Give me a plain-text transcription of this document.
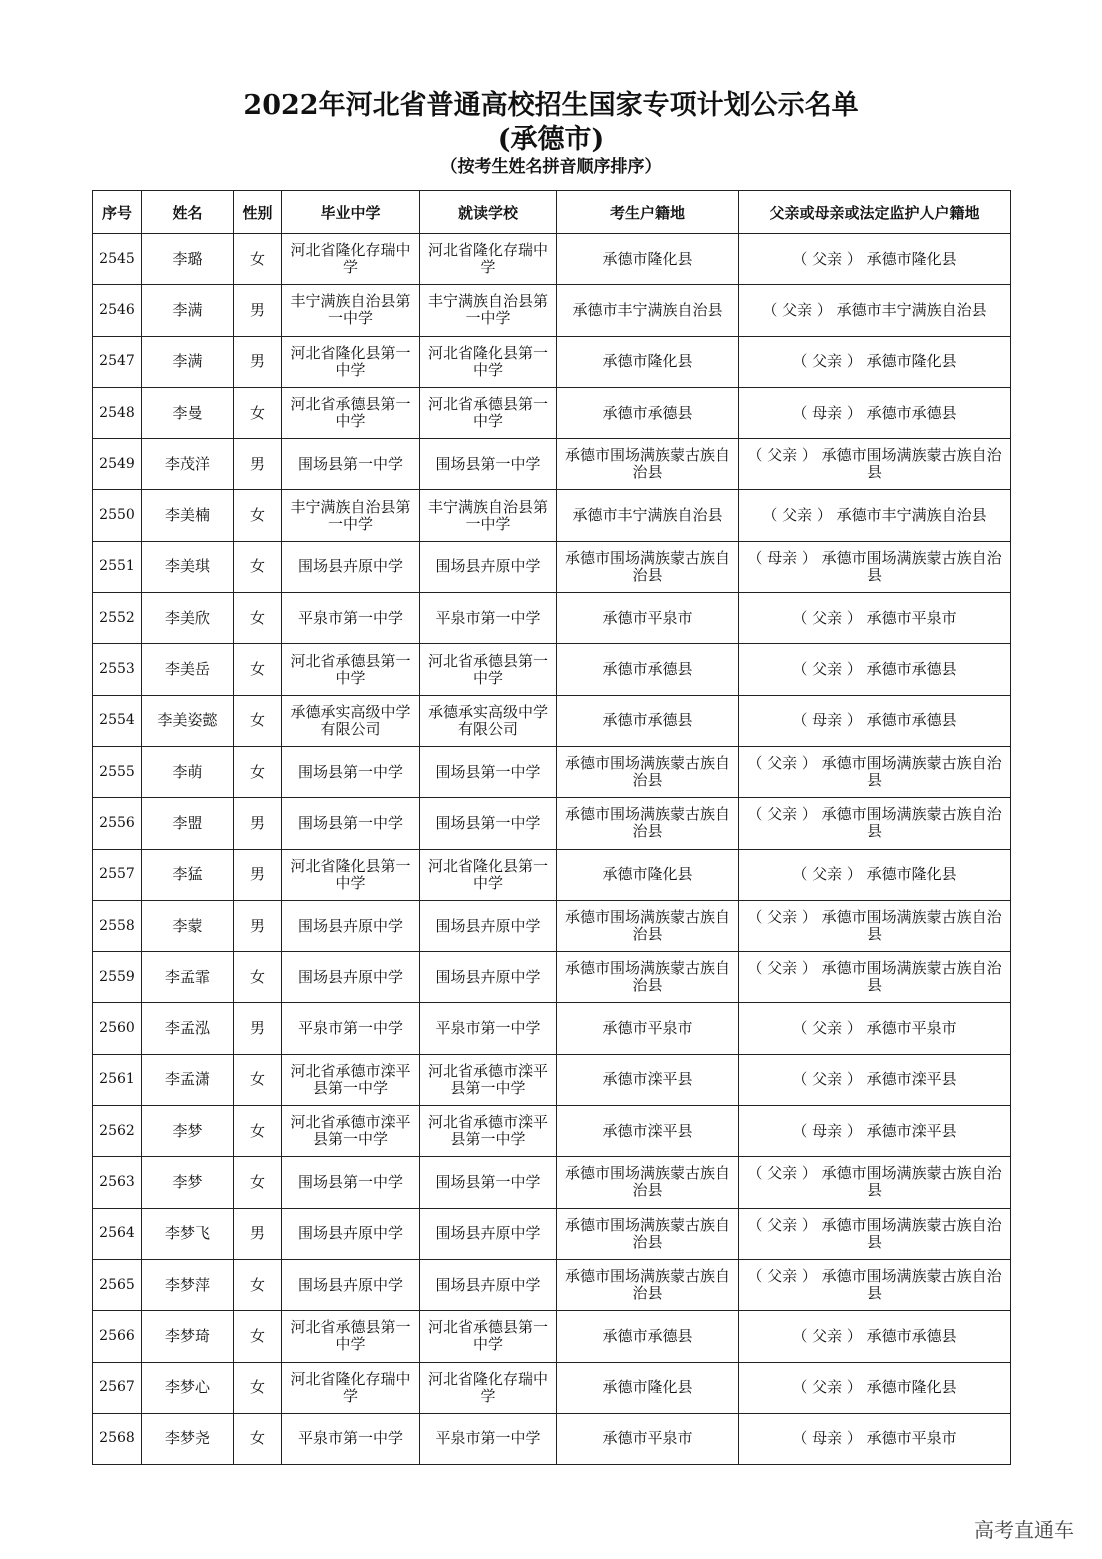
2022年河北省普通高校招生国家专项计划公示名单
(承德市)
（按考生姓名拼音顺序排序）
序号	姓名	性别	毕业中学	就读学校	考生户籍地	父亲或母亲或法定监护人户籍地
2545	李璐	女	河北省隆化存瑞中学	河北省隆化存瑞中学	承德市隆化县	（ 父亲 ） 承德市隆化县
2546	李满	男	丰宁满族自治县第一中学	丰宁满族自治县第一中学	承德市丰宁满族自治县	（ 父亲 ） 承德市丰宁满族自治县
2547	李满	男	河北省隆化县第一中学	河北省隆化县第一中学	承德市隆化县	（ 父亲 ） 承德市隆化县
2548	李曼	女	河北省承德县第一中学	河北省承德县第一中学	承德市承德县	（ 母亲 ） 承德市承德县
2549	李茂洋	男	围场县第一中学	围场县第一中学	承德市围场满族蒙古族自治县	（ 父亲 ） 承德市围场满族蒙古族自治县
2550	李美楠	女	丰宁满族自治县第一中学	丰宁满族自治县第一中学	承德市丰宁满族自治县	（ 父亲 ） 承德市丰宁满族自治县
2551	李美琪	女	围场县卉原中学	围场县卉原中学	承德市围场满族蒙古族自治县	（ 母亲 ） 承德市围场满族蒙古族自治县
2552	李美欣	女	平泉市第一中学	平泉市第一中学	承德市平泉市	（ 父亲 ） 承德市平泉市
2553	李美岳	女	河北省承德县第一中学	河北省承德县第一中学	承德市承德县	（ 父亲 ） 承德市承德县
2554	李美姿懿	女	承德承实高级中学有限公司	承德承实高级中学有限公司	承德市承德县	（ 母亲 ） 承德市承德县
2555	李萌	女	围场县第一中学	围场县第一中学	承德市围场满族蒙古族自治县	（ 父亲 ） 承德市围场满族蒙古族自治县
2556	李盟	男	围场县第一中学	围场县第一中学	承德市围场满族蒙古族自治县	（ 父亲 ） 承德市围场满族蒙古族自治县
2557	李猛	男	河北省隆化县第一中学	河北省隆化县第一中学	承德市隆化县	（ 父亲 ） 承德市隆化县
2558	李蒙	男	围场县卉原中学	围场县卉原中学	承德市围场满族蒙古族自治县	（ 父亲 ） 承德市围场满族蒙古族自治县
2559	李孟霏	女	围场县卉原中学	围场县卉原中学	承德市围场满族蒙古族自治县	（ 父亲 ） 承德市围场满族蒙古族自治县
2560	李孟泓	男	平泉市第一中学	平泉市第一中学	承德市平泉市	（ 父亲 ） 承德市平泉市
2561	李孟潇	女	河北省承德市滦平县第一中学	河北省承德市滦平县第一中学	承德市滦平县	（ 父亲 ） 承德市滦平县
2562	李梦	女	河北省承德市滦平县第一中学	河北省承德市滦平县第一中学	承德市滦平县	（ 母亲 ） 承德市滦平县
2563	李梦	女	围场县第一中学	围场县第一中学	承德市围场满族蒙古族自治县	（ 父亲 ） 承德市围场满族蒙古族自治县
2564	李梦飞	男	围场县卉原中学	围场县卉原中学	承德市围场满族蒙古族自治县	（ 父亲 ） 承德市围场满族蒙古族自治县
2565	李梦萍	女	围场县卉原中学	围场县卉原中学	承德市围场满族蒙古族自治县	（ 父亲 ） 承德市围场满族蒙古族自治县
2566	李梦琦	女	河北省承德县第一中学	河北省承德县第一中学	承德市承德县	（ 父亲 ） 承德市承德县
2567	李梦心	女	河北省隆化存瑞中学	河北省隆化存瑞中学	承德市隆化县	（ 父亲 ） 承德市隆化县
2568	李梦尧	女	平泉市第一中学	平泉市第一中学	承德市平泉市	（ 母亲 ） 承德市平泉市
高考直通车
